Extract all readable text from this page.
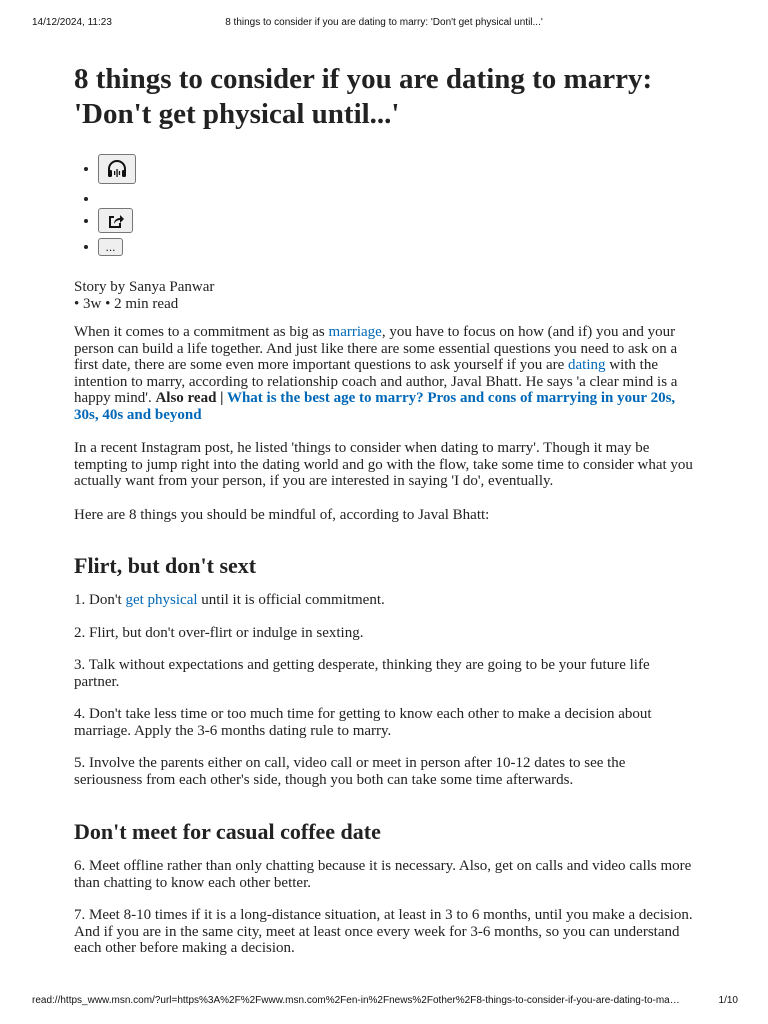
14/12/2024, 11:23	8 things to consider if you are dating to marry: 'Don't get physical until...'
8 things to consider if you are dating to marry: 'Don't get physical until...'
•
•
•
• ...
Story by Sanya Panwar
• 3w • 2 min read

When it comes to a commitment as big as marriage, you have to focus on how (and if) you and your person can build a life together. And just like there are some essential questions you need to ask on a first date, there are some even more important questions to ask yourself if you are dating with the intention to marry, according to relationship coach and author, Javal Bhatt. He says 'a clear mind is a happy mind'. Also read | What is the best age to marry? Pros and cons of marrying in your 20s, 30s, 40s and beyond

In a recent Instagram post, he listed 'things to consider when dating to marry'. Though it may be tempting to jump right into the dating world and go with the flow, take some time to consider what you actually want from your person, if you are interested in saying 'I do', eventually.

Here are 8 things you should be mindful of, according to Javal Bhatt:

Flirt, but don't sext

1. Don't get physical until it is official commitment.

2. Flirt, but don't over-flirt or indulge in sexting.

3. Talk without expectations and getting desperate, thinking they are going to be your future life partner.

4. Don't take less time or too much time for getting to know each other to make a decision about marriage. Apply the 3-6 months dating rule to marry.

5. Involve the parents either on call, video call or meet in person after 10-12 dates to see the seriousness from each other's side, though you both can take some time afterwards.

Don't meet for casual coffee date

6. Meet offline rather than only chatting because it is necessary. Also, get on calls and video calls more than chatting to know each other better.

7. Meet 8-10 times if it is a long-distance situation, at least in 3 to 6 months, until you make a decision. And if you are in the same city, meet at least once every week for 3-6 months, so you can understand each other before making a decision.

read://https_www.msn.com/?url=https%3A%2F%2Fwww.msn.com%2Fen-in%2Fnews%2Fother%2F8-things-to-consider-if-you-are-dating-to-ma…	1/10
